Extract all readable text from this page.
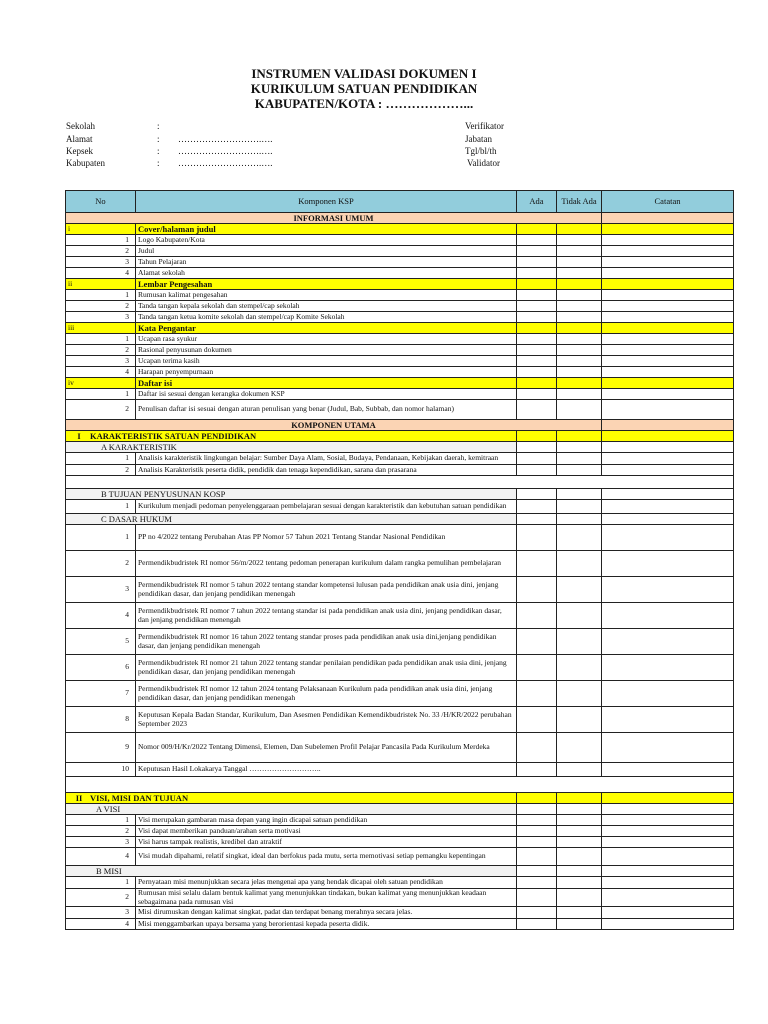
INSTRUMEN VALIDASI DOKUMEN I
KURIKULUM SATUAN PENDIDIKAN
KABUPATEN/KOTA : ………………...
Sekolah	:
Alamat	: ……………………….….
Kepsek	: ……………………….….
Kabupaten	: ……………………….….
Verifikator
Jabatan
Tgl/bl/th
Validator
No	Komponen KSP	Ada	Tidak Ada	Catatan
INFORMASI UMUM				
i	Cover/halaman judul			
1	Logo Kabupaten/Kota			
2	Judul			
3	Tahun Pelajaran			
4	Alamat sekolah			
ii	Lembar Pengesahan			
1	Rumusan kalimat pengesahan			
2	Tanda tangan kepala sekolah dan stempel/cap sekolah			
3	Tanda tangan ketua komite sekolah dan stempel/cap Komite Sekolah			
iii	Kata Pengantar			
1	Ucapan rasa syukur			
2	Rasional penyusunan dokumen			
3	Ucapan terima kasih			
4	Harapan penyempurnaan			
iv	Daftar isi			
1	Daftar isi sesuai dengan kerangka dokumen KSP			
2	Penulisan daftar isi sesuai dengan aturan penulisan yang benar (Judul, Bab, Subbab, dan nomor halaman)			
KOMPONEN UTAMA				
I KARAKTERISTIK SATUAN PENDIDIKAN				
A KARAKTERISTIK				
1	Analisis karakteristik lingkungan belajar: Sumber Daya Alam, Sosial, Budaya, Pendanaan, Kebijakan daerah, kemitraan			
2	Analisis Karakteristik peserta didik, pendidik dan tenaga kependidikan, sarana dan prasarana			

B TUJUAN PENYUSUNAN KOSP				
1	Kurikulum menjadi pedoman penyelenggaraan pembelajaran sesuai dengan karakteristik dan kebutuhan satuan pendidikan			
C DASAR HUKUM				
1	PP no 4/2022 tentang Perubahan Atas PP Nomor 57 Tahun 2021 Tentang Standar Nasional Pendidikan			
2	Permendikbudristek RI nomor 56/m/2022 tentang pedoman penerapan kurikulum dalam rangka pemulihan pembelajaran			
3	Permendikbudristek RI nomor 5 tahun 2022 tentang standar kompetensi lulusan pada pendidikan anak usia dini, jenjang pendidikan dasar, dan jenjang pendidikan menengah			
4	Permendikbudristek RI nomor 7 tahun 2022 tentang standar isi pada pendidikan anak usia dini, jenjang pendidikan dasar, dan jenjang pendidikan menengah			
5	Permendikbudristek RI nomor 16 tahun 2022 tentang standar proses pada pendidikan anak usia dini,jenjang pendidikan dasar, dan jenjang pendidikan menengah			
6	Permendikbudristek RI nomor 21 tahun 2022 tentang standar penilaian pendidikan pada pendidikan anak usia dini, jenjang pendidikan dasar, dan jenjang pendidikan menengah			
7	Permendikbudristek RI nomor 12 tahun 2024 tentang Pelaksanaan Kurikulum pada pendidikan anak usia dini, jenjang pendidikan dasar, dan jenjang pendidikan menengah			
8	Keputusan Kepala Badan Standar, Kurikulum, Dan Asesmen Pendidikan Kemendikbudristek No. 33 /H/KR/2022 perubahan September 2023			
9	Nomor 009/H/Kr/2022 Tentang Dimensi, Elemen, Dan Subelemen Profil Pelajar Pancasila Pada Kurikulum Merdeka			
10	Keputusan Hasil Lokakarya Tanggal ………………………..			

II VISI, MISI DAN TUJUAN				
A VISI				
1	Visi merupakan gambaran masa depan yang ingin dicapai satuan pendidikan			
2	Visi dapat memberikan panduan/arahan serta motivasi			
3	Visi harus tampak realistis, kredibel dan atraktif			
4	Visi mudah dipahami, relatif singkat, ideal dan berfokus pada mutu, serta memotivasi setiap pemangku kepentingan			
B MISI				
1	Pernyataan misi menunjukkan secara jelas mengenai apa yang hendak dicapai oleh satuan pendidikan			
2	Rumusan misi selalu dalam bentuk kalimat yang menunjukkan tindakan, bukan kalimat yang menunjukkan keadaan sebagaimana pada rumusan visi			
3	Misi dirumuskan dengan kalimat singkat, padat dan terdapat benang merahnya secara jelas.			
4	Misi menggambarkan upaya bersama yang berorientasi kepada peserta didik.			
